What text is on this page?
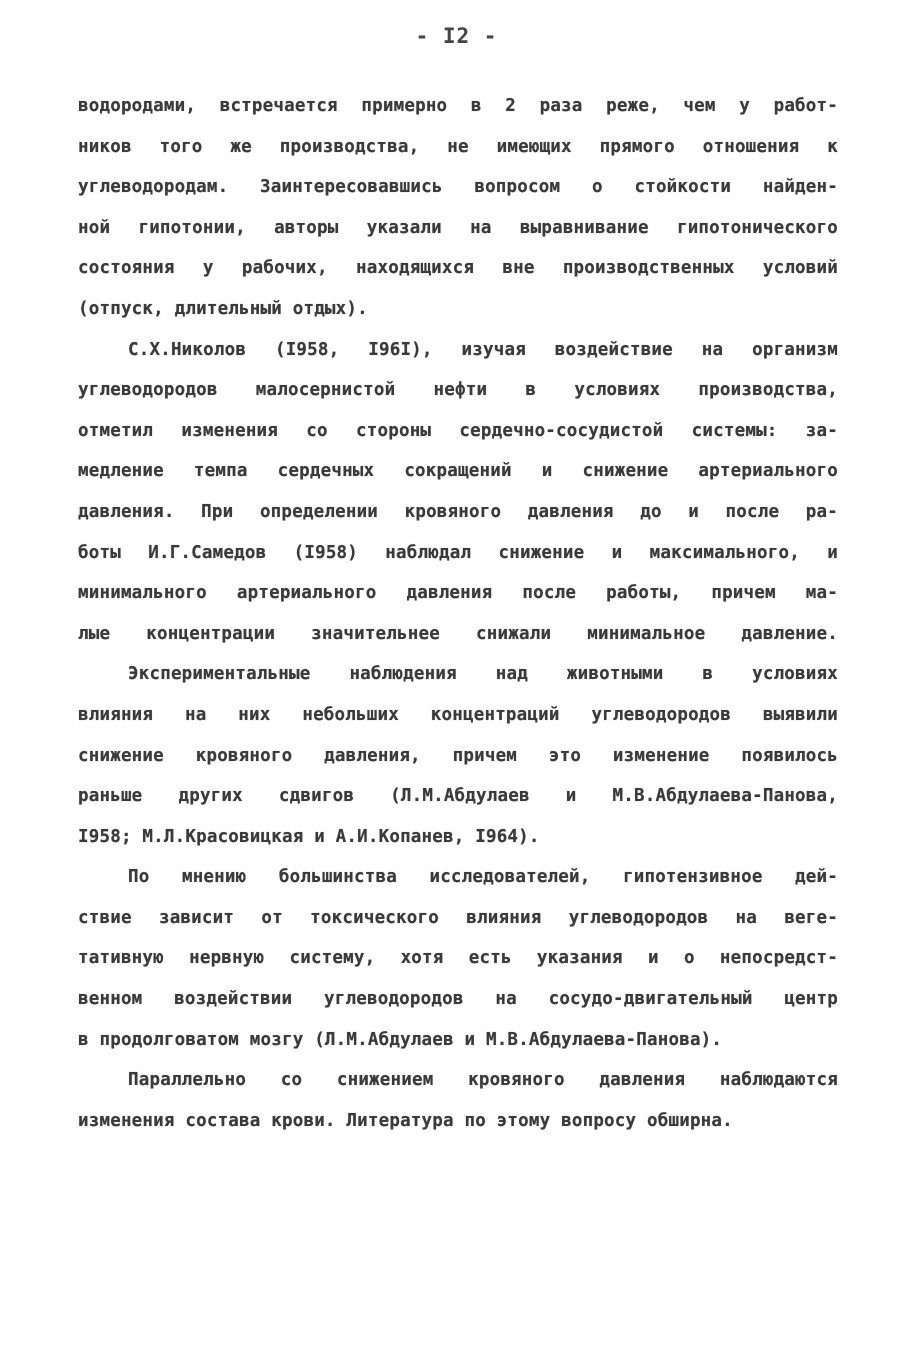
- I2 -
водородами, встречается примерно в 2 раза реже, чем у работ-
ников того же производства, не имеющих прямого отношения к
углеводородам. Заинтересовавшись вопросом о стойкости найден-
ной гипотонии, авторы указали на выравнивание гипотонического
состояния у рабочих, находящихся вне производственных условий
(отпуск, длительный отдых).
С.Х.Николов (I958, I96I), изучая воздействие на организм
углеводородов малосернистой нефти в условиях производства,
отметил изменения со стороны сердечно-сосудистой системы: за-
медление темпа сердечных сокращений и снижение артериального
давления. При определении кровяного давления до и после ра-
боты И.Г.Самедов (I958) наблюдал снижение и максимального, и
минимального артериального давления после работы, причем ма-
лые концентрации значительнее снижали минимальное давление.
Экспериментальные наблюдения над животными в условиях
влияния на них небольших концентраций углеводородов выявили
снижение кровяного давления, причем это изменение появилось
раньше других сдвигов (Л.М.Абдулаев и М.В.Абдулаева-Панова,
I958; М.Л.Красовицкая и А.И.Копанев, I964).
По мнению большинства исследователей, гипотензивное дей-
ствие зависит от токсического влияния углеводородов на веге-
тативную нервную систему, хотя есть указания и о непосредст-
венном воздействии углеводородов на сосудо-двигательный центр
в продолговатом мозгу (Л.М.Абдулаев и М.В.Абдулаева-Панова).
Параллельно со снижением кровяного давления наблюдаются
изменения состава крови. Литература по этому вопросу обширна.
